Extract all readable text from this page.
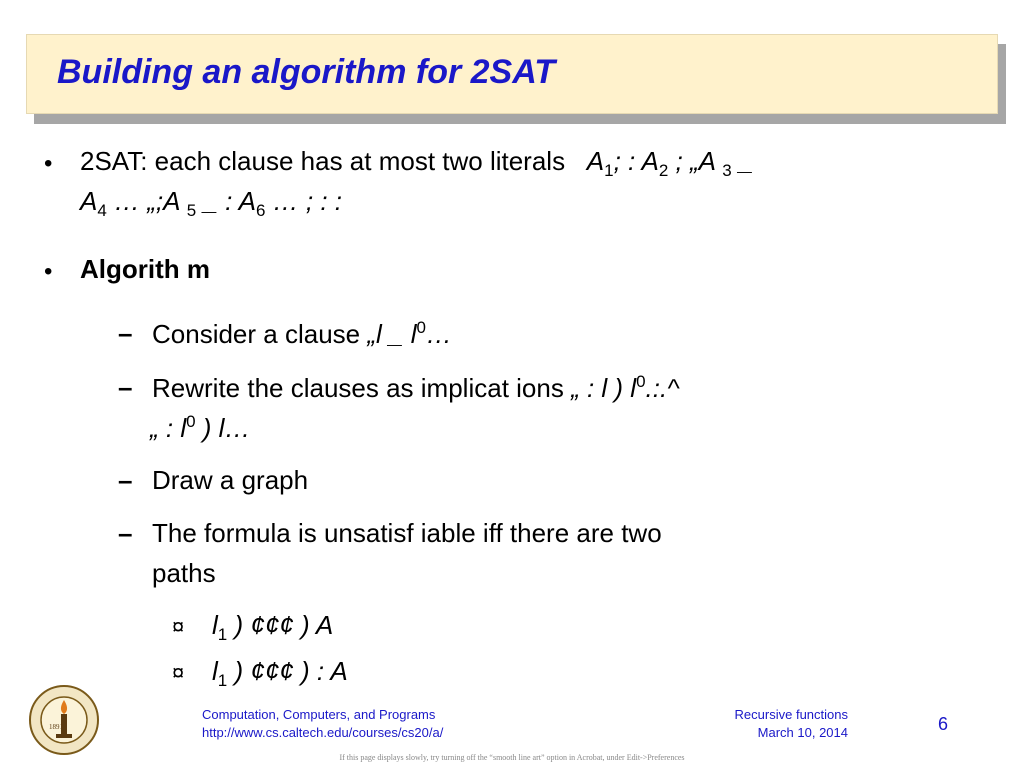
Building an algorithm for 2SAT
• 2SAT: each clause has at most two literals $A_1$; : $A_2$ ; „A $_3$ _
$A_4$ … „;A $_5$ _ : $A_6$ … ; : :
• Algorith m
– Consider a clause „l _ $l^0\dots$
– Rewrite the clauses as implicat ions „ : l ) $l^0.:.\^{}$
„ : $l^0$ ) l…
– Draw a graph
– The formula is unsatisf iable iff there are two
paths
¤ $l_1$ ) ¢¢¢ ) A
¤ $l_1$ ) ¢¢¢ ) : A
1891
Computation, Computers, and Programs
http://www.cs.caltech.edu/courses/cs20/a/
Recursive functions
March 10, 2014	6
If this page displays slowly, try turning off the “smooth line art” option in Acrobat, under Edit->Preferences
